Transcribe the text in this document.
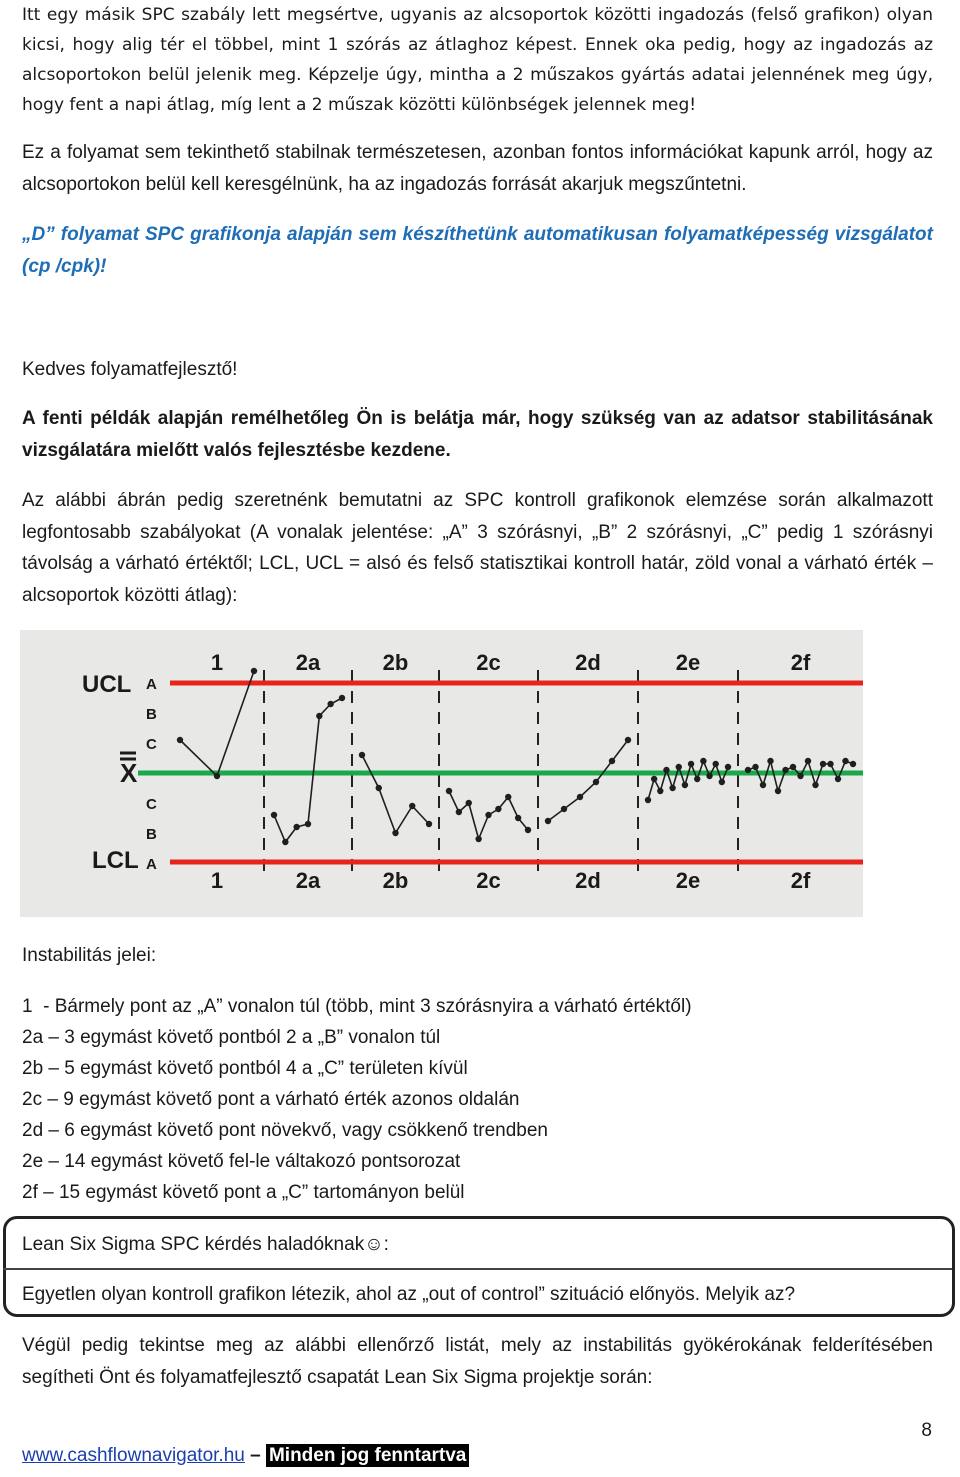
Itt egy másik SPC szabály lett megsértve, ugyanis az alcsoportok közötti ingadozás (felső grafikon) olyan kicsi, hogy alig tér el többel, mint 1 szórás az átlaghoz képest. Ennek oka pedig, hogy az ingadozás az alcsoportokon belül jelenik meg. Képzelje úgy, mintha a 2 műszakos gyártás adatai jelennének meg úgy, hogy fent a napi átlag, míg lent a 2 műszak közötti különbségek jelennek meg!

Ez a folyamat sem tekinthető stabilnak természetesen, azonban fontos információkat kapunk arról, hogy az alcsoportokon belül kell keresgélnünk, ha az ingadozás forrását akarjuk megszűntetni.

„D” folyamat SPC grafikonja alapján sem készíthetünk automatikusan folyamatképesség vizsgálatot (cp /cpk)!

Kedves folyamatfejlesztő!

A fenti példák alapján remélhetőleg Ön is belátja már, hogy szükség van az adatsor stabilitásának vizsgálatára mielőtt valós fejlesztésbe kezdene.

Az alábbi ábrán pedig szeretnénk bemutatni az SPC kontroll grafikonok elemzése során alkalmazott legfontosabb szabályokat (A vonalak jelentése: „A” 3 szórásnyi, „B” 2 szórásnyi, „C” pedig 1 szórásnyi távolság a várható értéktől; LCL, UCL = alsó és felső statisztikai kontroll határ, zöld vonal a várható érték – alcsoportok közötti átlag):

UCL
LCL
X
A
B
C
C
B
A
1	2a	2b	2c	2d	2e	2f
1	2a	2b	2c	2d	2e	2f

Instabilitás jelei:

1  - Bármely pont az „A” vonalon túl (több, mint 3 szórásnyira a várható értéktől)

2a – 3 egymást követő pontból 2 a „B” vonalon túl

2b – 5 egymást követő pontból 4 a „C” területen kívül

2c – 9 egymást követő pont a várható érték azonos oldalán

2d – 6 egymást követő pont növekvő, vagy csökkenő trendben

2e – 14 egymást követő fel-le váltakozó pontsorozat

2f – 15 egymást követő pont a „C” tartományon belül

Lean Six Sigma SPC kérdés haladóknak☺:

Egyetlen olyan kontroll grafikon létezik, ahol az „out of control” szituáció előnyös. Melyik az?

Végül pedig tekintse meg az alábbi ellenőrző listát, mely az instabilitás gyökérokának felderítésében segítheti Önt és folyamatfejlesztő csapatát Lean Six Sigma projektje során:

8
www.cashflownavigator.hu – Minden jog fenntartva
